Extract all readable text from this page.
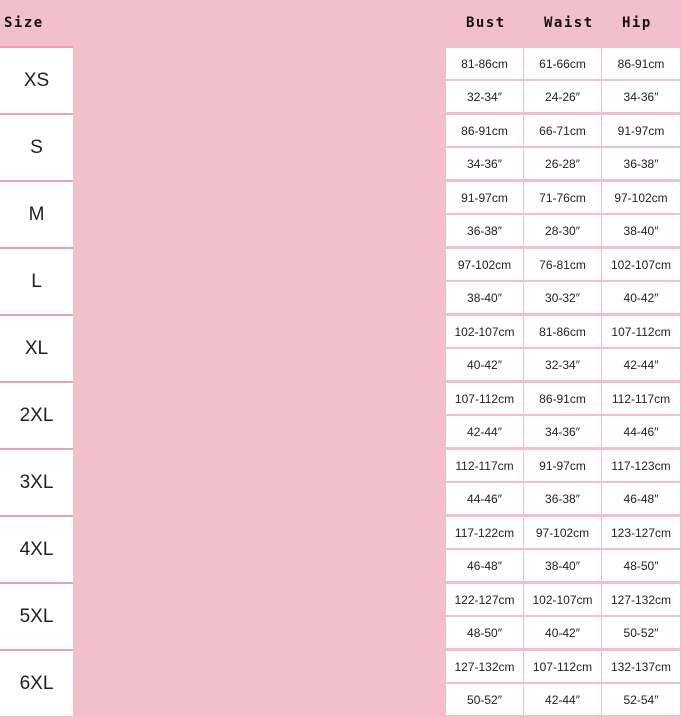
Size	Bust	Waist Hip
XS
S
M
L
XL
2XL
3XL
4XL
5XL
6XL
81-86cm
32-34″
61-66cm
24-26″
86-91cm
34-36″
86-91cm
34-36″
66-71cm
26-28″
91-97cm
36-38″
91-97cm
36-38″
71-76cm
28-30″
97-102cm
38-40″
97-102cm
38-40″
76-81cm
30-32″
102-107cm
40-42″
102-107cm
40-42″
81-86cm
32-34″
107-112cm
42-44″
107-112cm
42-44″
86-91cm
34-36″
112-117cm
44-46″
112-117cm
44-46″
91-97cm
36-38″
117-123cm
46-48″
117-122cm
46-48″
97-102cm
38-40″
123-127cm
48-50″
122-127cm
48-50″
102-107cm
40-42″
127-132cm
50-52″
127-132cm
50-52″
107-112cm
42-44″
132-137cm
52-54″
